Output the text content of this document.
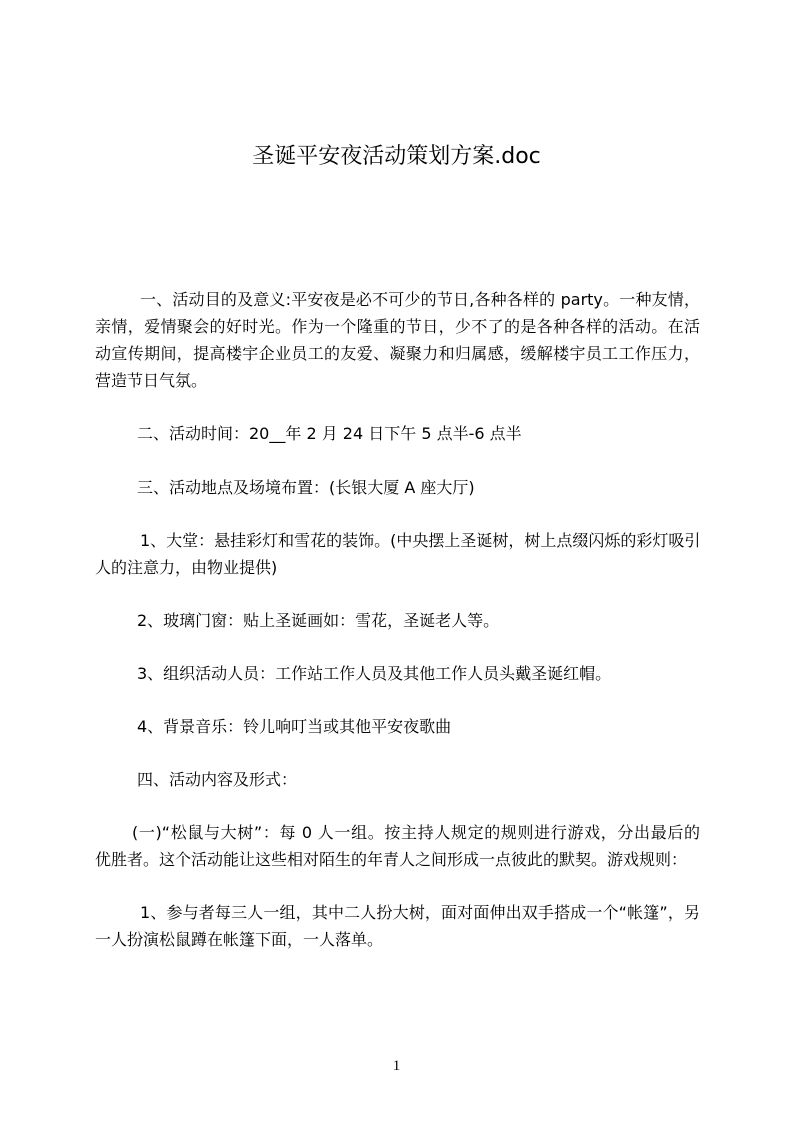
圣诞平安夜活动策划方案.doc
一、活动目的及意义:平安夜是必不可少的节日,各种各样的 party。一种友情，
亲情，爱情聚会的好时光。作为一个隆重的节日，少不了的是各种各样的活动。在活
动宣传期间，提高楼宇企业员工的友爱、凝聚力和归属感，缓解楼宇员工工作压力，
营造节日气氛。
二、活动时间：20__年 2 月 24 日下午 5 点半-6 点半
三、活动地点及场境布置：(长银大厦 A 座大厅)
1、大堂：悬挂彩灯和雪花的装饰。(中央摆上圣诞树，树上点缀闪烁的彩灯吸引
人的注意力，由物业提供)
2、玻璃门窗：贴上圣诞画如：雪花，圣诞老人等。
3、组织活动人员：工作站工作人员及其他工作人员头戴圣诞红帽。
4、背景音乐：铃儿响叮当或其他平安夜歌曲
四、活动内容及形式：
(一)“松鼠与大树”：每 0 人一组。按主持人规定的规则进行游戏，分出最后的
优胜者。这个活动能让这些相对陌生的年青人之间形成一点彼此的默契。游戏规则：
1、参与者每三人一组，其中二人扮大树，面对面伸出双手搭成一个“帐篷”，另
一人扮演松鼠蹲在帐篷下面，一人落单。
1
